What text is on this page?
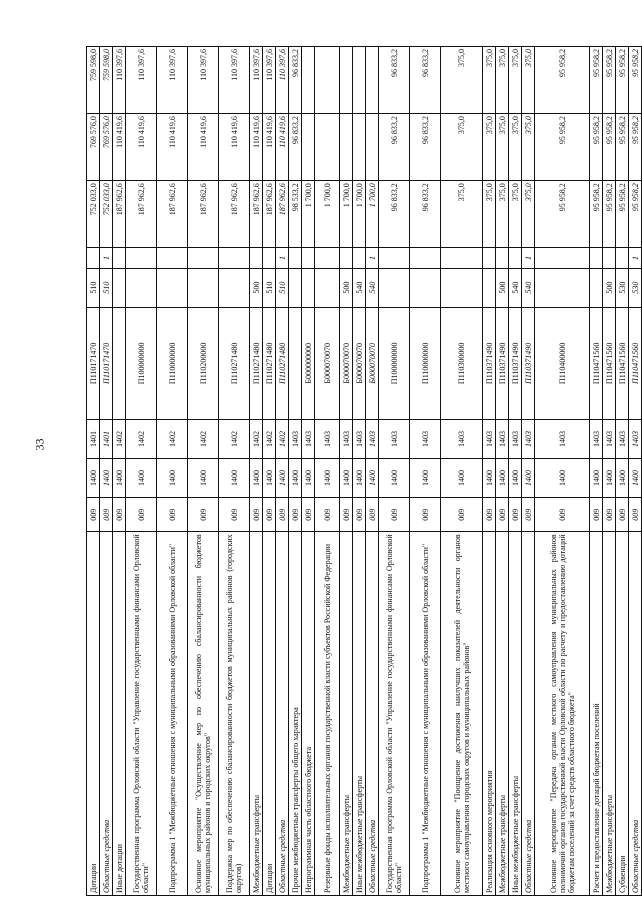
33
Дотации	009	1400	1401	П110171470	510		752 033,0	769 576,0	759 598,0
Областные средства	009	1400	1401	П110171470	510	1	752 033,0	769 576,0	759 598,0
Иные дотации	009	1400	1402				187 962,6	110 419,6	110 397,6
Государственная программа Орловской области "Управление государственными финансами Орловской области"	009	1400	1402	П100000000			187 962,6	110 419,6	110 397,6
Подпрограмма 1 "Межбюджетные отношения с муниципальными образованиями Орловской области"	009	1400	1402	П110000000			187 962,6	110 419,6	110 397,6
Основное мероприятие "Осуществление мер по обеспечению сбалансированности бюджетов муниципальных районов и городских округов"	009	1400	1402	П110200000			187 962,6	110 419,6	110 397,6
Поддержка мер по обеспечению сбалансированности бюджетов муниципальных районов (городских округов)	009	1400	1402	П110271480			187 962,6	110 419,6	110 397,6
Межбюджетные трансферты	009	1400	1402	П110271480	500		187 962,6	110 419,6	110 397,6
Дотации	009	1400	1402	П110271480	510		187 962,6	110 419,6	110 397,6
Областные средства	009	1400	1402	П110271480	510	1	187 962,6	110 419,6	110 397,6
Прочие межбюджетные трансферты общего характера	009	1400	1403				98 533,2	96 833,2	96 833,2
Непрограммная часть областного бюджета	009	1400	1403	Б000000000			1 700,0		
Резервные фонды исполнительных органов государственной власти субъектов Российской Федерации	009	1400	1403	Б000070070			1 700,0		
Межбюджетные трансферты	009	1400	1403	Б000070070	500		1 700,0		
Иные межбюджетные трансферты	009	1400	1403	Б000070070	540		1 700,0		
Областные средства	009	1400	1403	Б000070070	540	1	1 700,0		
Государственная программа Орловской области "Управление государственными финансами Орловской области"	009	1400	1403	П100000000			96 833,2	96 833,2	96 833,2
Подпрограмма 1 "Межбюджетные отношения с муниципальными образованиями Орловской области"	009	1400	1403	П110000000			96 833,2	96 833,2	96 833,2
Основное мероприятие "Поощрение достижения наилучших показателей деятельности органов местного самоуправления городских округов и муниципальных районов"	009	1400	1403	П110300000			375,0	375,0	375,0
Реализация основного мероприятия	009	1400	1403	П110371490			375,0	375,0	375,0
Межбюджетные трансферты	009	1400	1403	П110371490	500		375,0	375,0	375,0
Иные межбюджетные трансферты	009	1400	1403	П110371490	540		375,0	375,0	375,0
Областные средства	009	1400	1403	П110371490	540	1	375,0	375,0	375,0
Основное мероприятие "Передача органам местного самоуправления муниципальных районов полномочий органов государственной власти Орловской области по расчету и предоставлению дотаций бюджетам поселений за счет средств областного бюджета"	009	1400	1403	П110400000			95 958,2	95 958,2	95 958,2
Расчет и предоставление дотаций бюджетам поселений	009	1400	1403	П110471560			95 958,2	95 958,2	95 958,2
Межбюджетные трансферты	009	1400	1403	П110471560	500		95 958,2	95 958,2	95 958,2
Субвенции	009	1400	1403	П110471560	530		95 958,2	95 958,2	95 958,2
Областные средства	009	1400	1403	П110471560	530	1	95 958,2	95 958,2	95 958,2
